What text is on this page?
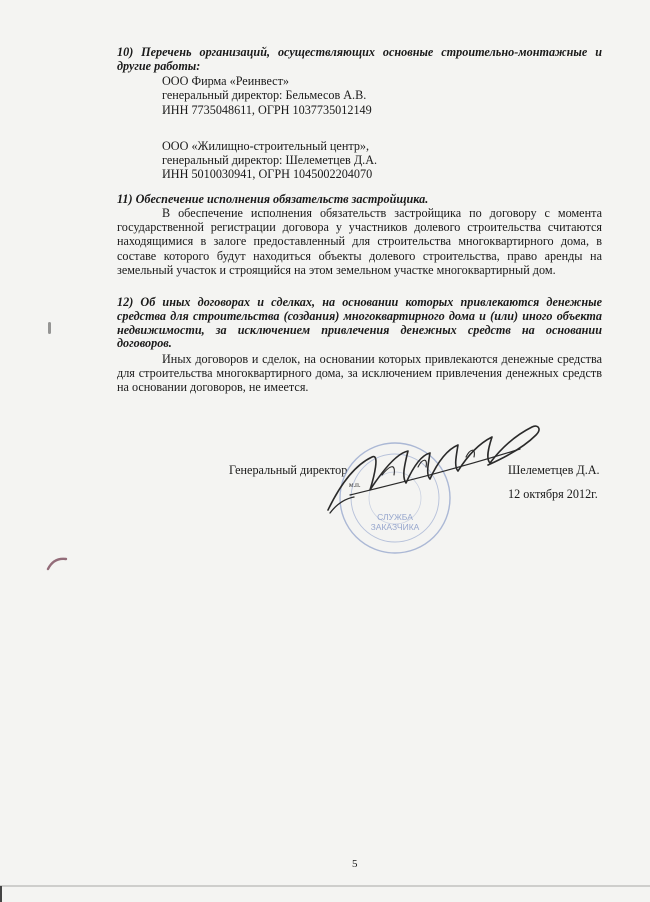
10) Перечень организаций, осуществляющих основные строительно-монтажные и другие работы:
ООО Фирма «Реинвест»
генеральный директор: Бельмесов А.В.
ИНН 7735048611, ОГРН 1037735012149
ООО «Жилищно-строительный центр»,
генеральный директор: Шелеметцев Д.А.
ИНН 5010030941, ОГРН 1045002204070
11) Обеспечение исполнения обязательств застройщика.
В обеспечение исполнения обязательств застройщика по договору с момента государственной регистрации договора у участников долевого строительства считаются находящимися в залоге предоставленный для строительства многоквартирного дома, в составе которого будут находиться объекты долевого строительства, право аренды на земельный участок и строящийся на этом земельном участке многоквартирный дом.
12) Об иных договорах и сделках, на основании которых привлекаются денежные средства для строительства (создания) многоквартирного дома и (или) иного объекта недвижимости, за исключением привлечения денежных средств на основании договоров.
Иных договоров и сделок, на основании которых привлекаются денежные средства для строительства многоквартирного дома, за исключением привлечения денежных средств на основании договоров, не имеется.
Генеральный директор	Шелеметцев Д.А.
12 октября 2012г.
м.п.
СЛУЖБА
ЗАКАЗЧИКА
5
